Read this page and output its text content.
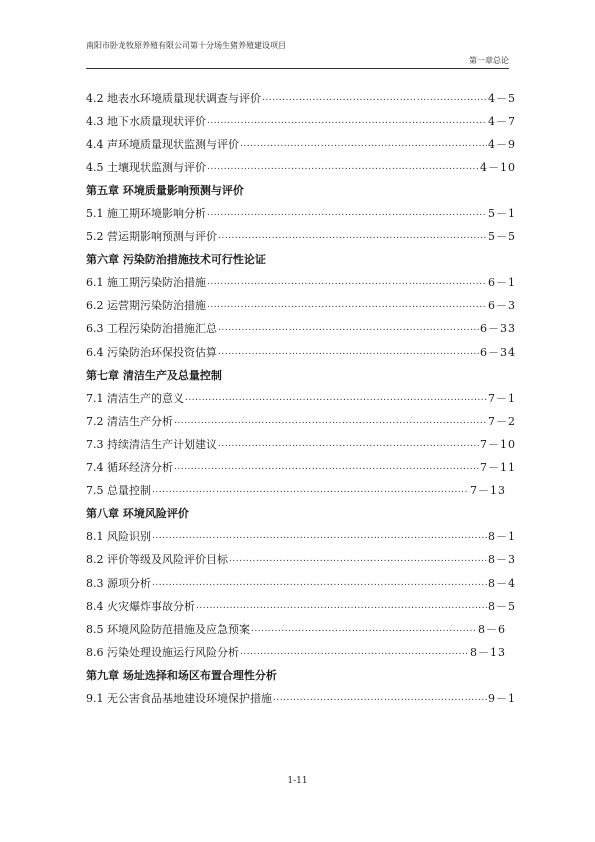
南阳市卧龙牧原养殖有限公司第十分场生猪养殖建设项目
第一章总论
4.2 地表水环境质量现状调查与评价 .....	4－5
4.3 地下水质量现状评价 .....	4－7
4.4 声环境质量现状监测与评价 .....	4－9
4.5 土壤现状监测与评价 .....	4－10
第五章 环境质量影响预测与评价
5.1 施工期环境影响分析 .....	5－1
5.2 营运期影响预测与评价 .....	5－5
第六章 污染防治措施技术可行性论证
6.1 施工期污染防治措施 .....	6－1
6.2 运营期污染防治措施 .....	6－3
6.3 工程污染防治措施汇总 .....	6－33
6.4 污染防治环保投资估算 .....	6－34
第七章 清洁生产及总量控制
7.1 清洁生产的意义 .....	7－1
7.2 清洁生产分析 .....	7－2
7.3 持续清洁生产计划建议 .....	7－10
7.4 循环经济分析 .....	7－11
7.5 总量控制 .....	7－13
第八章 环境风险评价
8.1 风险识别 .....	8－1
8.2 评价等级及风险评价目标 .....	8－3
8.3 源项分析 .....	8－4
8.4 火灾爆炸事故分析 .....	8－5
8.5 环境风险防范措施及应急预案 .....	8－6
8.6 污染处理设施运行风险分析 .....	8－13
第九章 场址选择和场区布置合理性分析
9.1 无公害食品基地建设环境保护措施 .....	9－1
1-11
